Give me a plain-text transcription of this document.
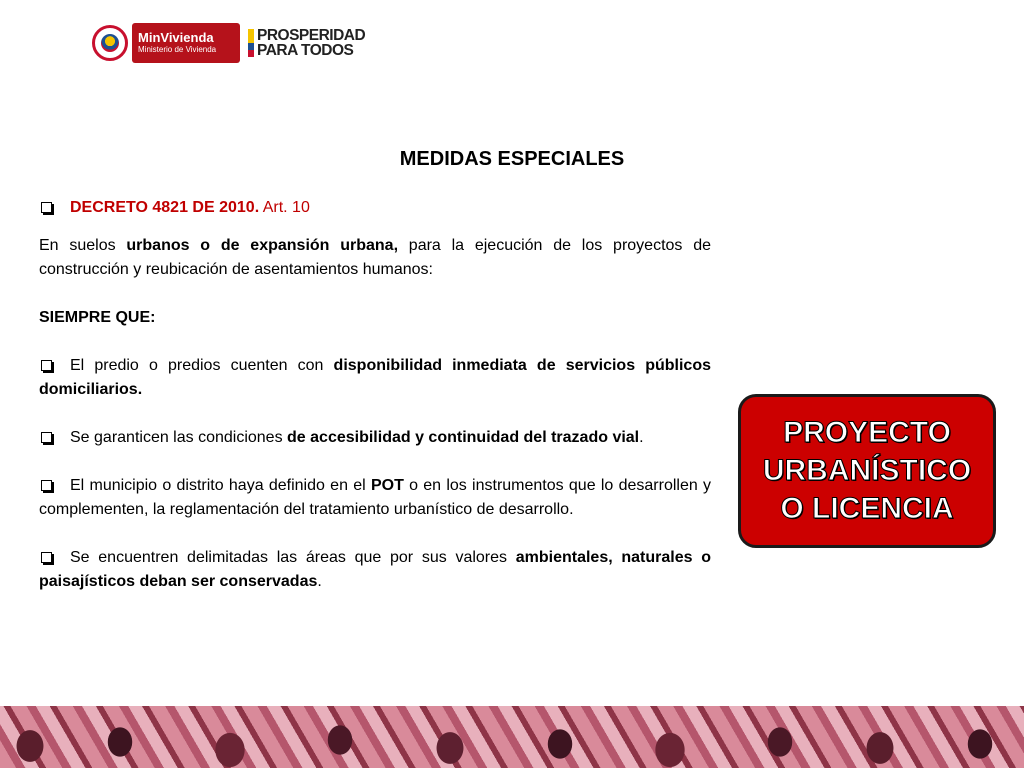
MinVivienda
Ministerio de Vivienda
PROSPERIDAD
PARA TODOS
MEDIDAS ESPECIALES

DECRETO 4821 DE 2010. Art. 10

En suelos urbanos o de expansión urbana, para la ejecución de los proyectos de construcción y reubicación de asentamientos humanos:

SIEMPRE QUE:

El predio o predios cuenten con disponibilidad inmediata de servicios públicos domiciliarios.

Se garanticen las condiciones de accesibilidad y continuidad del trazado vial.

El municipio o distrito haya definido en el POT o en los instrumentos que lo desarrollen y complementen, la reglamentación del tratamiento urbanístico de desarrollo.

Se encuentren delimitadas las áreas que por sus valores ambientales, naturales o paisajísticos deban ser conservadas.

PROYECTO
URBANÍSTICO
O LICENCIA
